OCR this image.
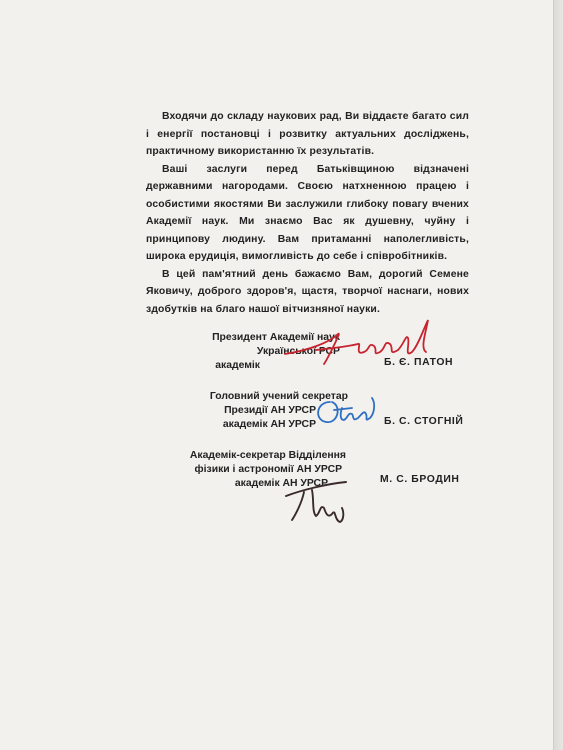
Входячи до складу наукових рад, Ви віддаєте багато сил і енергії постановці і розвитку актуальних досліджень, практичному використанню їх результатів.

Ваші заслуги перед Батьківщиною відзначені державними нагородами. Своєю натхненною працею і особистими якостями Ви заслужили глибоку повагу вчених Академії наук. Ми знаємо Вас як душевну, чуйну і принципову людину. Вам притаманні наполегливість, широка ерудиція, вимогливість до себе і співробітників.

В цей пам'ятний день бажаємо Вам, дорогий Семене Яковичу, доброго здоров'я, щастя, творчої наснаги, нових здобутків на благо нашої вітчизняної науки.

Президент Академії наук
Української РСР
академік	Б. Є. ПАТОН
Головний учений секретар
Президії АН УРСР
академік АН УРСР	Б. С. СТОГНІЙ
Академік-секретар Відділення
фізики і астрономії АН УРСР
академік АН УРСР	М. С. БРОДИН
